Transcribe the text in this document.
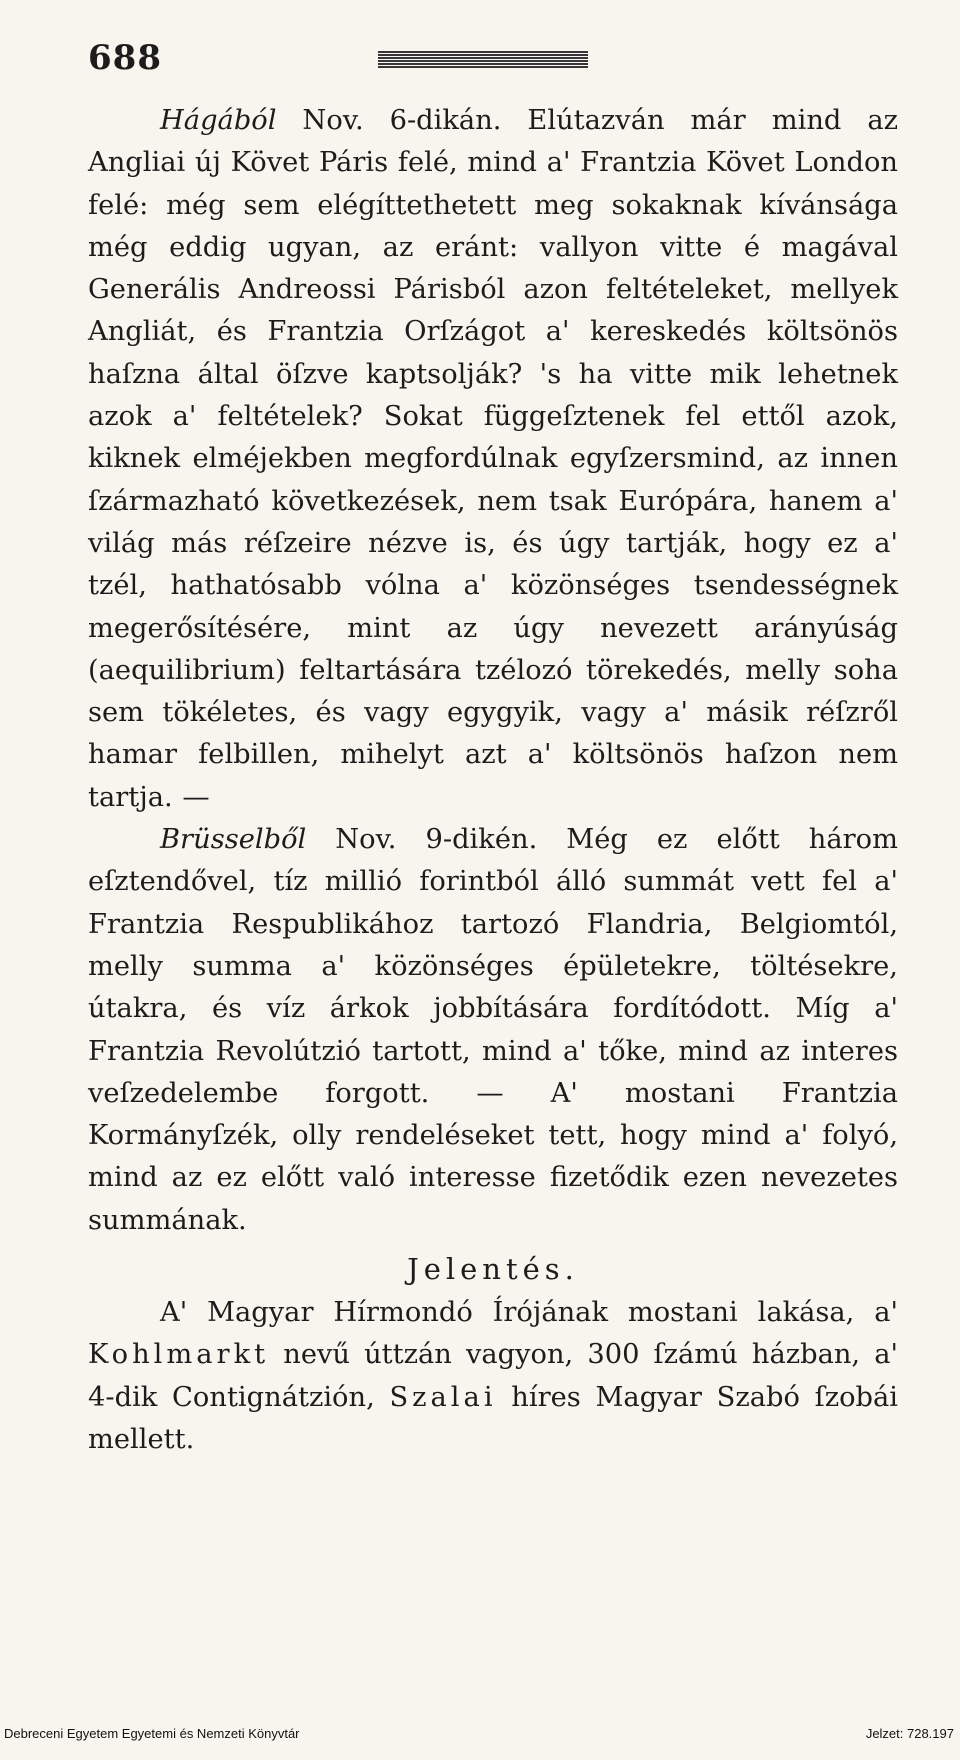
688

Hágából Nov. 6-dikán. Elútazván már mind az Angliai új Követ Páris felé, mind a' Frantzia Követ London felé: még sem elégíttethetett meg sokaknak kívánsága még eddig ugyan, az eránt: vallyon vitte é magával Generális Andreossi Párisból azon feltételeket, mellyek Angliát, és Frantzia Orſzágot a' kereskedés költsönös haſzna által öſzve kaptsolják? 's ha vitte mik lehetnek azok a' feltételek? Sokat függeſztenek fel ettől azok, kiknek elméjekben megfordúlnak egyſzersmind, az innen ſzármazható következések, nem tsak Európára, hanem a' világ más réſzeire nézve is, és úgy tartják, hogy ez a' tzél, hathatósabb vólna a' közönséges tsendességnek megerősítésére, mint az úgy nevezett arányúság (aequilibrium) feltartására tzélozó törekedés, melly soha sem tökéletes, és vagy egygyik, vagy a' másik réſzről hamar felbillen, mihelyt azt a' költsönös haſzon nem tartja. —

Brüsselből Nov. 9-dikén. Még ez előtt három eſztendővel, tíz millió forintból álló summát vett fel a' Frantzia Respublikához tartozó Flandria, Belgiomtól, melly summa a' közönséges épületekre, töltésekre, útakra, és víz árkok jobbítására fordítódott. Míg a' Frantzia Revolútzió tartott, mind a' tőke, mind az interes veſzedelembe forgott. — A' mostani Frantzia Kormányſzék, olly rendeléseket tett, hogy mind a' folyó, mind az ez előtt való interesse fizetődik ezen nevezetes summának.

Jelentés.

A' Magyar Hírmondó Írójának mostani lakása, a' Kohlmarkt nevű úttzán vagyon, 300 ſzámú házban, a' 4-dik Contignátzión, Szalai híres Magyar Szabó ſzobái mellett.

Debreceni Egyetem Egyetemi és Nemzeti Könyvtár	Jelzet: 728.197
